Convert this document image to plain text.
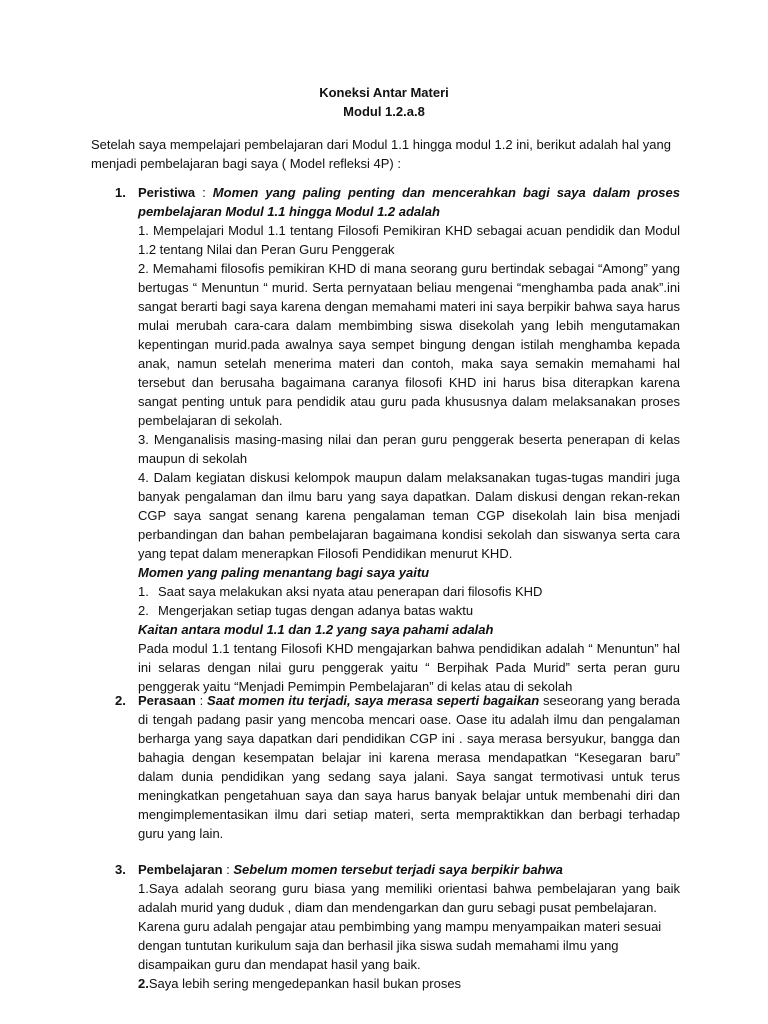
Koneksi Antar Materi
Modul 1.2.a.8
Setelah saya mempelajari pembelajaran dari Modul 1.1 hingga modul 1.2 ini, berikut adalah hal yang menjadi pembelajaran bagi saya ( Model refleksi 4P) :
1. Peristiwa : Momen yang paling penting dan mencerahkan bagi saya dalam proses pembelajaran Modul 1.1 hingga Modul 1.2 adalah

1. Mempelajari Modul 1.1 tentang Filosofi Pemikiran KHD sebagai acuan pendidik dan Modul 1.2 tentang Nilai dan Peran Guru Penggerak

2. Memahami filosofis pemikiran KHD di mana seorang guru bertindak sebagai “Among” yang bertugas “ Menuntun “ murid. Serta pernyataan beliau mengenai “menghamba pada anak”.ini sangat berarti bagi saya karena dengan memahami materi ini saya berpikir bahwa saya harus mulai merubah cara-cara dalam membimbing siswa disekolah yang lebih mengutamakan kepentingan murid.pada awalnya saya sempet bingung dengan istilah menghamba kepada anak, namun setelah menerima materi dan contoh, maka saya semakin memahami hal tersebut dan berusaha bagaimana caranya filosofi KHD ini harus bisa diterapkan karena sangat penting untuk para pendidik atau guru pada khususnya dalam melaksanakan proses pembelajaran di sekolah.

3. Menganalisis masing-masing nilai dan peran guru penggerak beserta penerapan di kelas maupun di sekolah

4. Dalam kegiatan diskusi kelompok maupun dalam melaksanakan tugas-tugas mandiri juga banyak pengalaman dan ilmu baru yang saya dapatkan. Dalam diskusi dengan rekan-rekan CGP saya sangat senang karena pengalaman teman CGP disekolah lain bisa menjadi perbandingan dan bahan pembelajaran bagaimana kondisi sekolah dan siswanya serta cara yang tepat dalam menerapkan Filosofi Pendidikan menurut KHD.

Momen yang paling menantang bagi saya yaitu

1. Saat saya melakukan aksi nyata atau penerapan dari filosofis KHD
2. Mengerjakan setiap tugas dengan adanya batas waktu

Kaitan antara modul 1.1 dan 1.2 yang saya pahami adalah

Pada modul 1.1 tentang Filosofi KHD mengajarkan bahwa pendidikan adalah “ Menuntun” hal ini selaras dengan nilai guru penggerak yaitu “ Berpihak Pada Murid” serta peran guru penggerak yaitu “Menjadi Pemimpin Pembelajaran” di kelas atau di sekolah

2. Perasaan : Saat momen itu terjadi, saya merasa seperti bagaikan seseorang yang berada di tengah padang pasir yang mencoba mencari oase. Oase itu adalah ilmu dan pengalaman berharga yang saya dapatkan dari pendidikan CGP ini . saya merasa bersyukur, bangga dan bahagia dengan kesempatan belajar ini karena merasa mendapatkan “Kesegaran baru” dalam dunia pendidikan yang sedang saya jalani. Saya sangat termotivasi untuk terus meningkatkan pengetahuan saya dan saya harus banyak belajar untuk membenahi diri dan mengimplementasikan ilmu dari setiap materi, serta mempraktikkan dan berbagi terhadap guru yang lain.
3. Pembelajaran : Sebelum momen tersebut terjadi saya berpikir bahwa

1.Saya adalah seorang guru biasa yang memiliki orientasi bahwa pembelajaran yang baik adalah murid yang duduk , diam dan mendengarkan dan guru sebagi pusat pembelajaran.

Karena guru adalah pengajar atau pembimbing yang mampu menyampaikan materi sesuai dengan tuntutan kurikulum saja dan berhasil jika siswa sudah memahami ilmu yang disampaikan guru dan mendapat hasil yang baik.

2.Saya lebih sering mengedepankan hasil bukan proses
